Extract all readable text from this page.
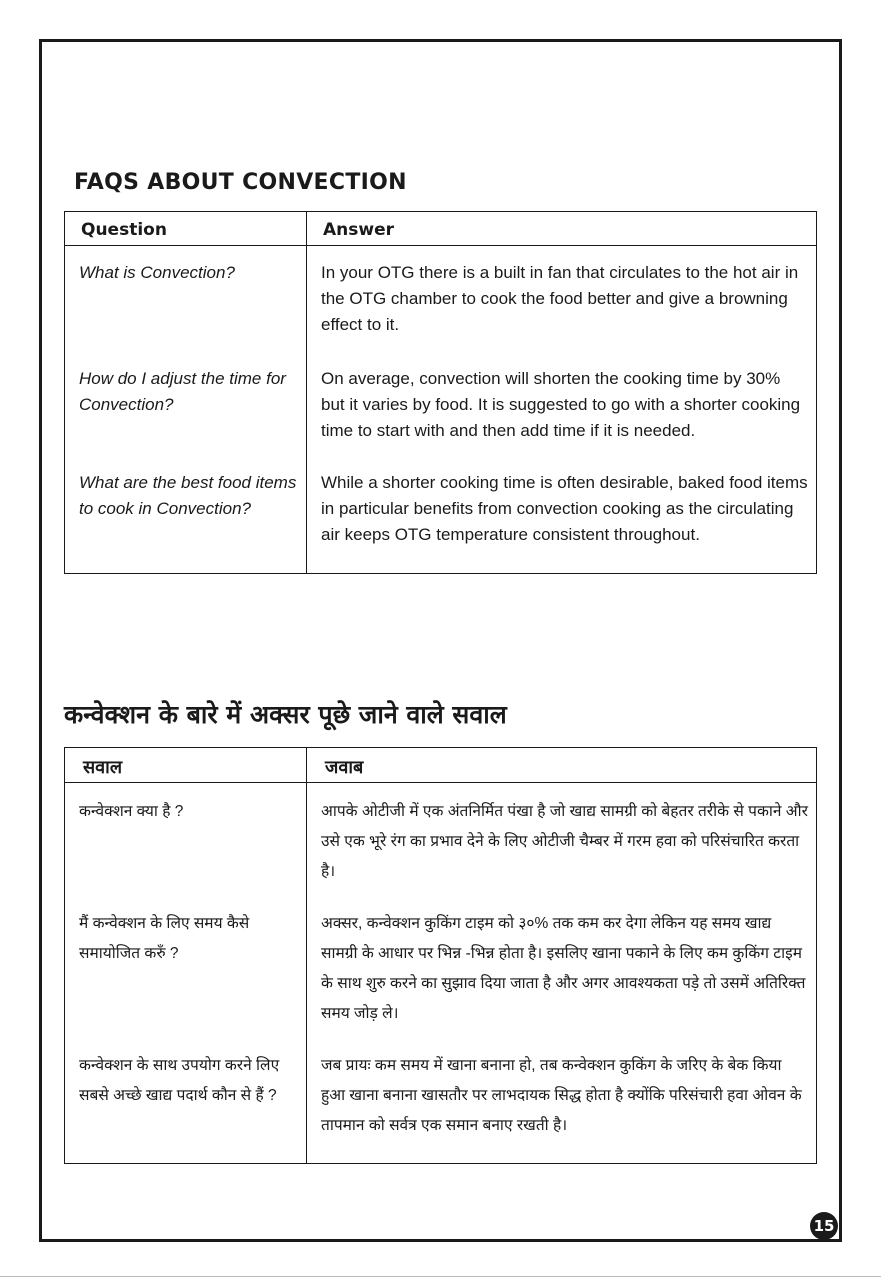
FAQS ABOUT CONVECTION
Question	Answer
What is Convection?	In your OTG there is a built in fan that circulates to the hot air in the OTG chamber to cook the food better and give a browning effect to it.
How do I adjust the time for Convection?	On average, convection will shorten the cooking time by 30% but it varies by food. It is suggested to go with a shorter cooking time to start with and then add time if it is needed.
What are the best food items to cook in Convection?	While a shorter cooking time is often desirable, baked food items in particular benefits from convection cooking as the circulating air keeps OTG temperature consistent throughout.
कन्वेक्शन के बारे में अक्सर पूछे जाने वाले सवाल
सवाल	जवाब
कन्वेक्शन क्या है ?	आपके ओटीजी में एक अंतनिर्मित पंखा है जो खाद्य सामग्री को बेहतर तरीके से पकाने और उसे एक भूरे रंग का प्रभाव देने के लिए ओटीजी चैम्बर में गरम हवा को परिसंचारित करता है।
मैं कन्वेक्शन के लिए समय कैसे समायोजित करुँ ?	अक्सर, कन्वेक्शन कुकिंग टाइम को ३०% तक कम कर देगा लेकिन यह समय खाद्य सामग्री के आधार पर भिन्न -भिन्न होता है। इसलिए खाना पकाने के लिए कम कुकिंग टाइम के साथ शुरु करने का सुझाव दिया जाता है और अगर आवश्यकता पड़े तो उसमें अतिरिक्त समय जोड़ ले।
कन्वेक्शन के साथ उपयोग करने लिए सबसे अच्छे खाद्य पदार्थ कौन से हैं ?	जब प्रायः कम समय में खाना बनाना हो, तब कन्वेक्शन कुकिंग के जरिए के बेक किया हुआ खाना बनाना खासतौर पर लाभदायक सिद्ध होता है क्योंकि परिसंचारी हवा ओवन के तापमान को सर्वत्र एक समान बनाए रखती है।
15
